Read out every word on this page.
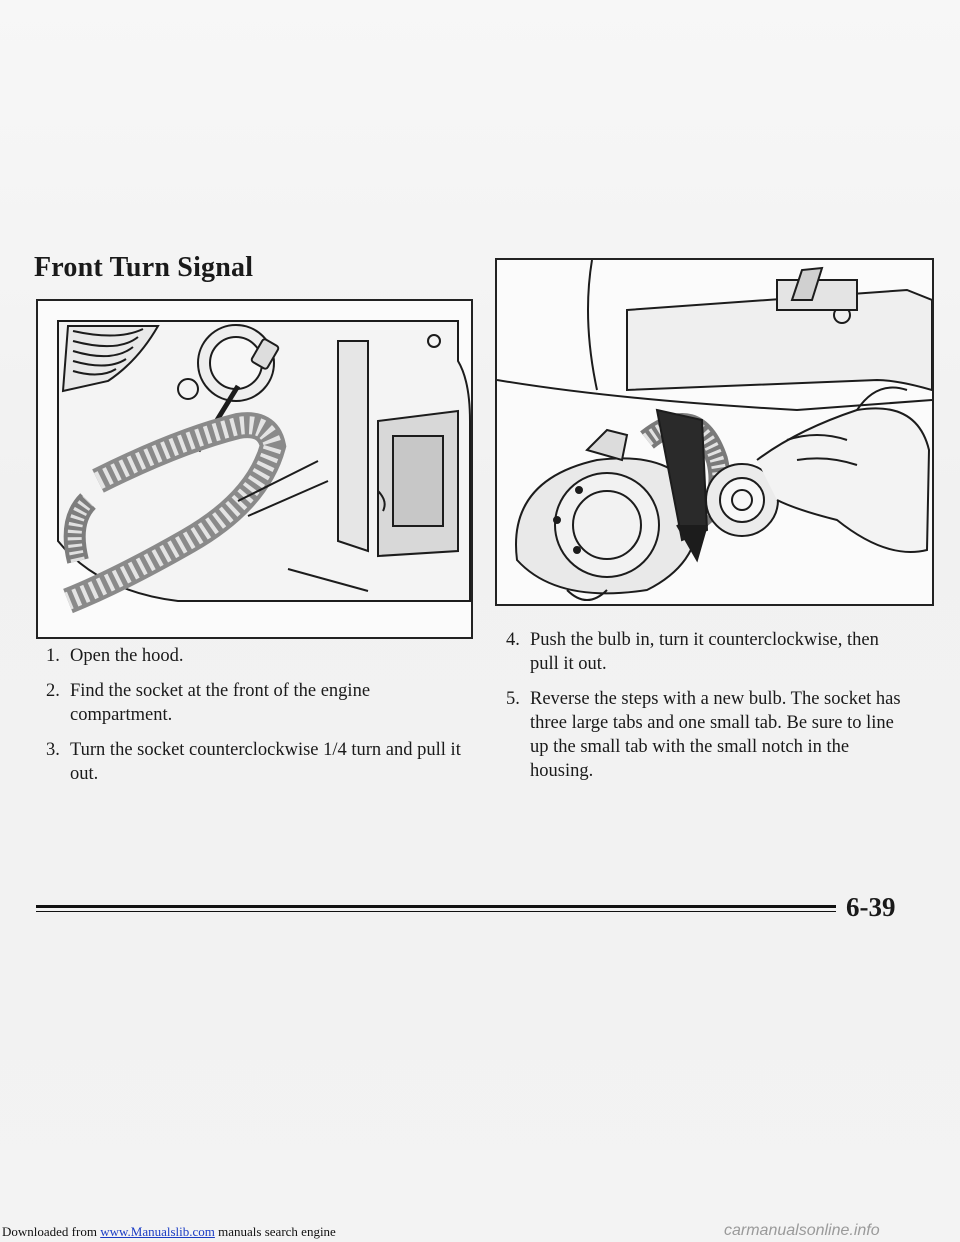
Front Turn Signal
1. Open the hood.
2. Find the socket at the front of the engine compartment.
3. Turn the socket counterclockwise 1/4 turn and pull it out.
4. Push the bulb in, turn it counterclockwise, then pull it out.
5. Reverse the steps with a new bulb. The socket has three large tabs and one small tab. Be sure to line up the small tab with the small notch in the housing.
6-39
Downloaded from www.Manualslib.com manuals search engine	carmanualsonline.info
